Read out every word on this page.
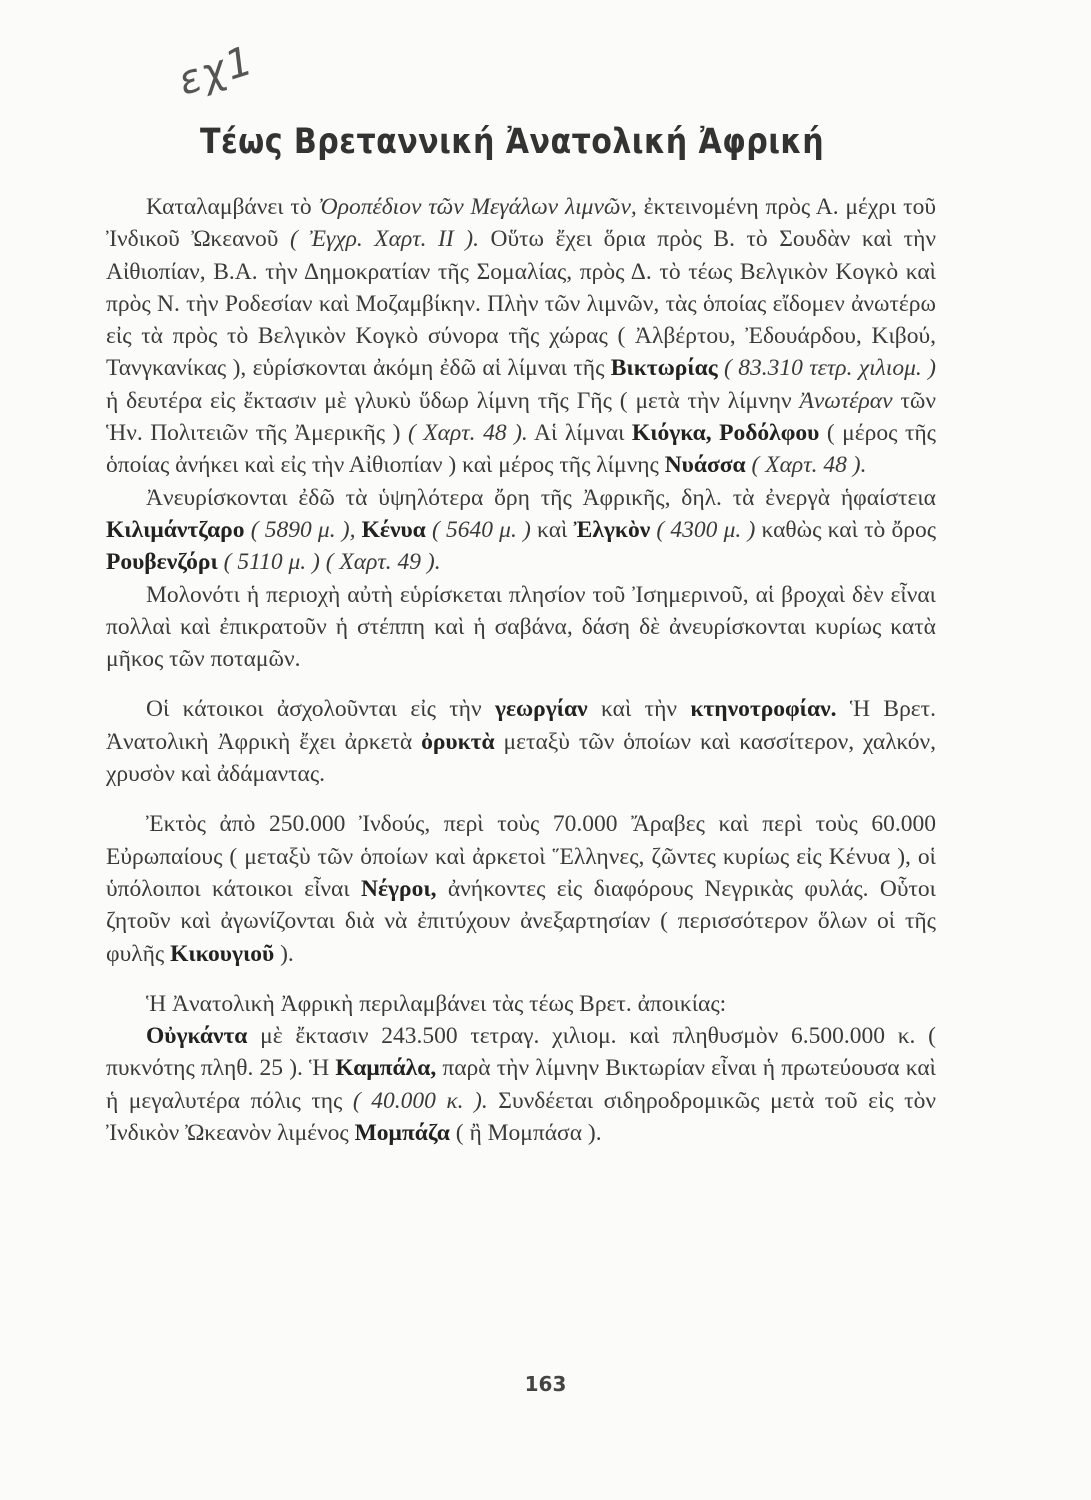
εχ1
Τέως Βρεταννική Ἀνατολική Ἀφρική

Καταλαμβάνει τὸ Ὀροπέδιον τῶν Μεγάλων λιμνῶν, ἐκτεινομένη πρὸς Α. μέχρι τοῦ Ἰνδικοῦ Ὠκεανοῦ ( Ἐγχρ. Χαρτ. ΙΙ ). Οὕτω ἔχει ὅρια πρὸς Β. τὸ Σουδὰν καὶ τὴν Αἰθιοπίαν, Β.Α. τὴν Δημοκρατίαν τῆς Σομαλίας, πρὸς Δ. τὸ τέως Βελγικὸν Κογκὸ καὶ πρὸς Ν. τὴν Ροδεσίαν καὶ Μοζαμβίκην. Πλὴν τῶν λιμνῶν, τὰς ὁποίας εἴδομεν ἀνωτέρω εἰς τὰ πρὸς τὸ Βελγικὸν Κογκὸ σύνορα τῆς χώρας ( Ἀλβέρτου, Ἐδουάρδου, Κιβού, Τανγκανίκας ), εὑρίσκονται ἀκόμη ἐδῶ αἱ λίμναι τῆς Βικτωρίας ( 83.310 τετρ. χιλιομ. ) ἡ δευτέρα εἰς ἔκτασιν μὲ γλυκὺ ὕδωρ λίμνη τῆς Γῆς ( μετὰ τὴν λίμνην Ἀνωτέραν τῶν Ἡν. Πολιτειῶν τῆς Ἀμερικῆς ) ( Χαρτ. 48 ). Αἱ λίμναι Κιόγκα, Ροδόλφου ( μέρος τῆς ὁποίας ἀνήκει καὶ εἰς τὴν Αἰθιοπίαν ) καὶ μέρος τῆς λίμνης Νυάσσα ( Χαρτ. 48 ).

Ἀνευρίσκονται ἐδῶ τὰ ὑψηλότερα ὄρη τῆς Ἀφρικῆς, δηλ. τὰ ἐνεργὰ ἡφαίστεια Κιλιμάντζαρο ( 5890 μ. ), Κένυα ( 5640 μ. ) καὶ Ἐλγκὸν ( 4300 μ. ) καθὼς καὶ τὸ ὄρος Ρουβενζόρι ( 5110 μ. ) ( Χαρτ. 49 ).

Μολονότι ἡ περιοχὴ αὐτὴ εὑρίσκεται πλησίον τοῦ Ἰσημερινοῦ, αἱ βροχαὶ δὲν εἶναι πολλαὶ καὶ ἐπικρατοῦν ἡ στέππη καὶ ἡ σαβάνα, δάση δὲ ἀνευρίσκονται κυρίως κατὰ μῆκος τῶν ποταμῶν.

Οἱ κάτοικοι ἀσχολοῦνται εἰς τὴν γεωργίαν καὶ τὴν κτηνοτροφίαν. Ἡ Βρετ. Ἀνατολικὴ Ἀφρικὴ ἔχει ἀρκετὰ ὀρυκτὰ μεταξὺ τῶν ὁποίων καὶ κασσίτερον, χαλκόν, χρυσὸν καὶ ἀδάμαντας.

Ἐκτὸς ἀπὸ 250.000 Ἰνδούς, περὶ τοὺς 70.000 Ἄραβες καὶ περὶ τοὺς 60.000 Εὐρωπαίους ( μεταξὺ τῶν ὁποίων καὶ ἀρκετοὶ Ἕλληνες, ζῶντες κυρίως εἰς Κένυα ), οἱ ὑπόλοιποι κάτοικοι εἶναι Νέγροι, ἀνήκοντες εἰς διαφόρους Νεγρικὰς φυλάς. Οὗτοι ζητοῦν καὶ ἀγωνίζονται διὰ νὰ ἐπιτύχουν ἀνεξαρτησίαν ( περισσότερον ὅλων οἱ τῆς φυλῆς Κικουγιοῦ ).

Ἡ Ἀνατολικὴ Ἀφρικὴ περιλαμβάνει τὰς τέως Βρετ. ἀποικίας:

Οὐγκάντα μὲ ἔκτασιν 243.500 τετραγ. χιλιομ. καὶ πληθυσμὸν 6.500.000 κ. ( πυκνότης πληθ. 25 ). Ἡ Καμπάλα, παρὰ τὴν λίμνην Βικτωρίαν εἶναι ἡ πρωτεύουσα καὶ ἡ μεγαλυτέρα πόλις της ( 40.000 κ. ). Συνδέεται σιδηροδρομικῶς μετὰ τοῦ εἰς τὸν Ἰνδικὸν Ὠκεανὸν λιμένος Μομπάζα ( ἢ Μομπάσα ).

163
